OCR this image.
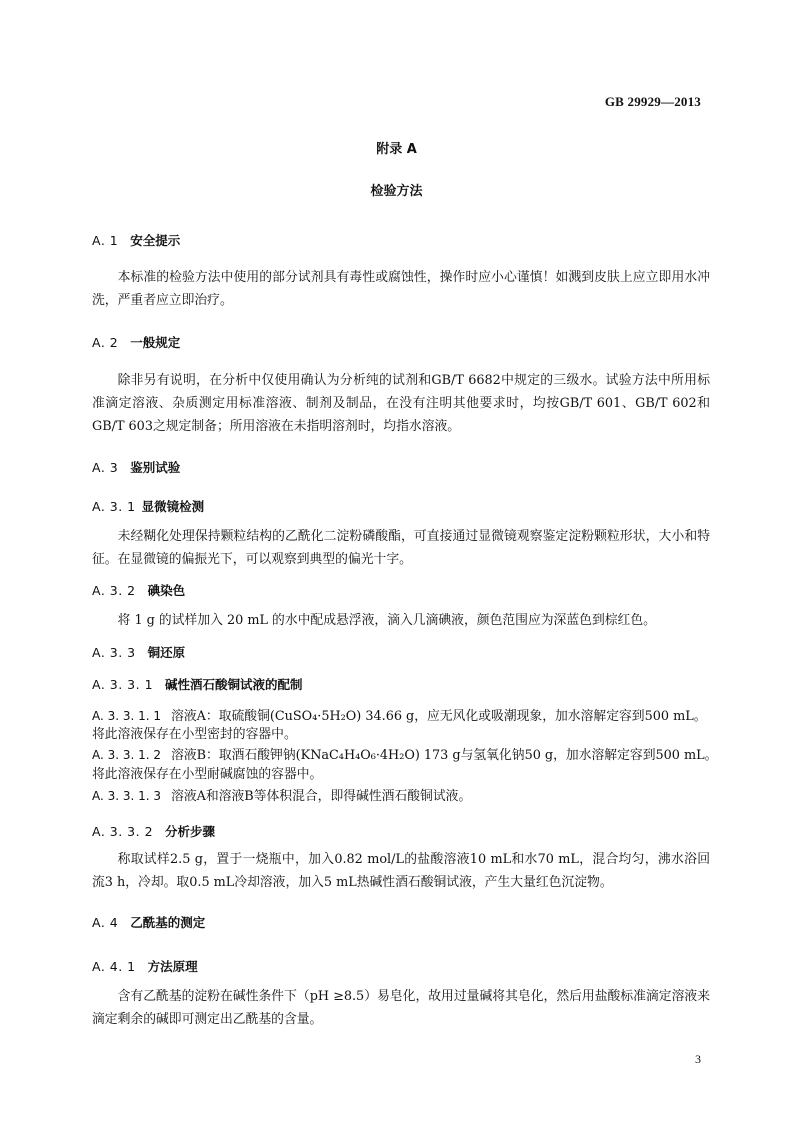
GB 29929—2013
附录 A
检验方法
A. 1 安全提示
本标准的检验方法中使用的部分试剂具有毒性或腐蚀性，操作时应小心谨慎！如溅到皮肤上应立即用水冲洗，严重者应立即治疗。
A. 2 一般规定
除非另有说明，在分析中仅使用确认为分析纯的试剂和GB/T 6682中规定的三级水。试验方法中所用标准滴定溶液、杂质测定用标准溶液、制剂及制品，在没有注明其他要求时，均按GB/T 601、GB/T 602和GB/T 603之规定制备；所用溶液在未指明溶剂时，均指水溶液。
A. 3 鉴别试验
A. 3. 1 显微镜检测
未经糊化处理保持颗粒结构的乙酰化二淀粉磷酸酯，可直接通过显微镜观察鉴定淀粉颗粒形状，大小和特征。在显微镜的偏振光下，可以观察到典型的偏光十字。
A. 3. 2 碘染色
将 1 g 的试样加入 20 mL 的水中配成悬浮液，滴入几滴碘液，颜色范围应为深蓝色到棕红色。
A. 3. 3 铜还原
A. 3. 3. 1 碱性酒石酸铜试液的配制
A. 3. 3. 1. 1 溶液A：取硫酸铜(CuSO₄·5H₂O) 34.66 g，应无风化或吸潮现象，加水溶解定容到500 mL。
将此溶液保存在小型密封的容器中。
A. 3. 3. 1. 2 溶液B：取酒石酸钾钠(KNaC₄H₄O₆·4H₂O) 173 g与氢氧化钠50 g，加水溶解定容到500 mL。
将此溶液保存在小型耐碱腐蚀的容器中。
A. 3. 3. 1. 3 溶液A和溶液B等体积混合，即得碱性酒石酸铜试液。
A. 3. 3. 2 分析步骤
称取试样2.5 g，置于一烧瓶中，加入0.82 mol/L的盐酸溶液10 mL和水70 mL，混合均匀，沸水浴回流3 h，冷却。取0.5 mL冷却溶液，加入5 mL热碱性酒石酸铜试液，产生大量红色沉淀物。
A. 4 乙酰基的测定
A. 4. 1 方法原理
含有乙酰基的淀粉在碱性条件下（pH ≥8.5）易皂化，故用过量碱将其皂化，然后用盐酸标准滴定溶液来滴定剩余的碱即可测定出乙酰基的含量。
3
